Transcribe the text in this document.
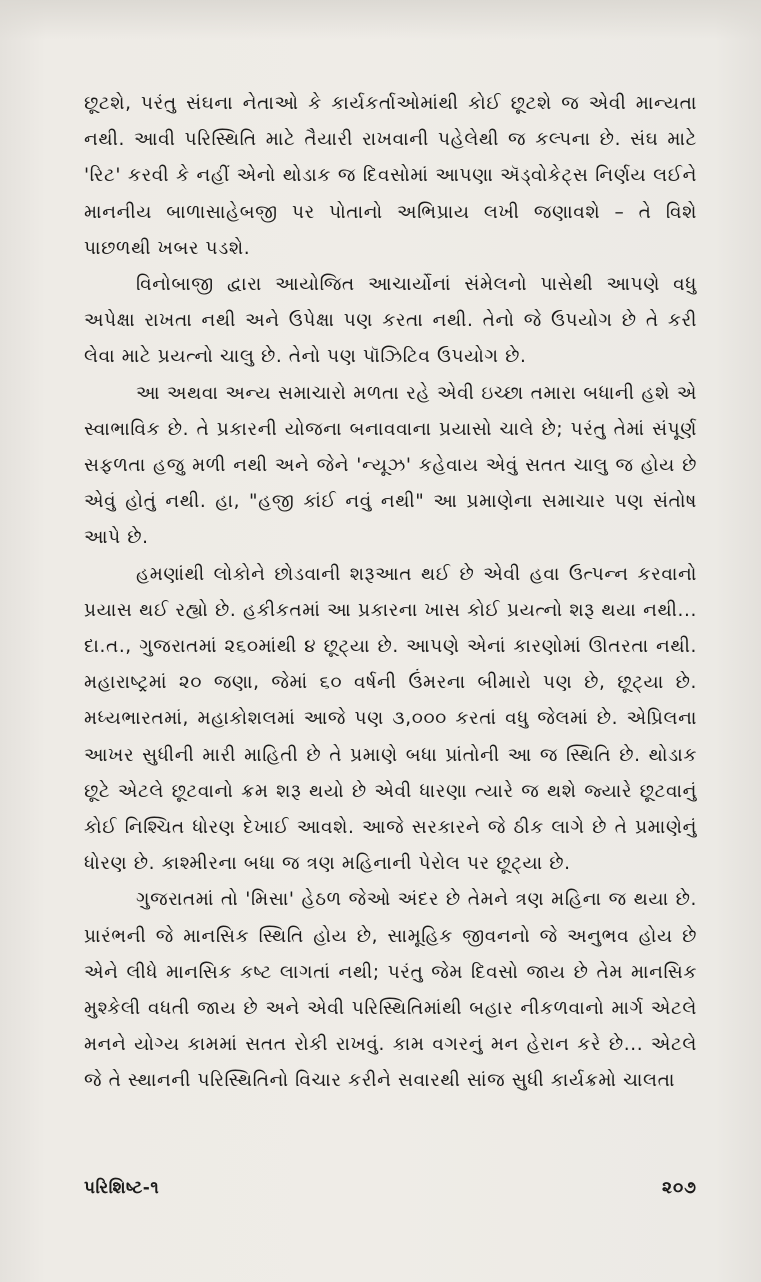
છૂટશે, પરંતુ સંઘના નેતાઓ કે કાર્યકર્તાઓમાંથી કોઈ છૂટશે જ એવી માન્યતા નથી. આવી પરિસ્થિતિ માટે તૈયારી રાખવાની પહેલેથી જ કલ્પના છે. સંઘ માટે 'રિટ' કરવી કે નહીં એનો થોડાક જ દિવસોમાં આપણા ઍડ્વોકેટ્સ નિર્ણય લઈને માનનીય બાળાસાહેબજી પર પોતાનો અભિપ્રાય લખી જણાવશે – તે વિશે પાછળથી ખબર પડશે.

વિનોબાજી દ્વારા આયોજિત આચાર્યોનાં સંમેલનો પાસેથી આપણે વધુ અપેક્ષા રાખતા નથી અને ઉપેક્ષા પણ કરતા નથી. તેનો જે ઉપયોગ છે તે કરી લેવા માટે પ્રયત્નો ચાલુ છે. તેનો પણ પૉઝિટિવ ઉપયોગ છે.

આ અથવા અન્ય સમાચારો મળતા રહે એવી ઇચ્છા તમારા બધાની હશે એ સ્વાભાવિક છે. તે પ્રકારની યોજના બનાવવાના પ્રયાસો ચાલે છે; પરંતુ તેમાં સંપૂર્ણ સફળતા હજુ મળી નથી અને જેને 'ન્યૂઝ' કહેવાય એવું સતત ચાલુ જ હોય છે એવું હોતું નથી. હા, "હજી કાંઈ નવું નથી" આ પ્રમાણેના સમાચાર પણ સંતોષ આપે છે.

હમણાંથી લોકોને છોડવાની શરૂઆત થઈ છે એવી હવા ઉત્પન્ન કરવાનો પ્રયાસ થઈ રહ્યો છે. હકીકતમાં આ પ્રકારના ખાસ કોઈ પ્રયત્નો શરૂ થયા નથી... દા.ત., ગુજરાતમાં ૨૬૦માંથી ૪ છૂટ્યા છે. આપણે એનાં કારણોમાં ઊતરતા નથી. મહારાષ્ટ્રમાં ૨૦ જણા, જેમાં ૬૦ વર્ષની ઉંમરના બીમારો પણ છે, છૂટ્યા છે. મધ્યભારતમાં, મહાકોશલમાં આજે પણ ૩,૦૦૦ કરતાં વધુ જેલમાં છે. એપ્રિલના આખર સુધીની મારી માહિતી છે તે પ્રમાણે બધા પ્રાંતોની આ જ સ્થિતિ છે. થોડાક છૂટે એટલે છૂટવાનો ક્રમ શરૂ થયો છે એવી ધારણા ત્યારે જ થશે જ્યારે છૂટવાનું કોઈ નિશ્ચિત ધોરણ દેખાઈ આવશે. આજે સરકારને જે ઠીક લાગે છે તે પ્રમાણેનું ધોરણ છે. કાશ્મીરના બધા જ ત્રણ મહિનાની પેરોલ પર છૂટ્યા છે.

ગુજરાતમાં તો 'મિસા' હેઠળ જેઓ અંદર છે તેમને ત્રણ મહિના જ થયા છે. પ્રારંભની જે માનસિક સ્થિતિ હોય છે, સામૂહિક જીવનનો જે અનુભવ હોય છે એને લીધે માનસિક કષ્ટ લાગતાં નથી; પરંતુ જેમ દિવસો જાય છે તેમ માનસિક મુશ્કેલી વધતી જાય છે અને એવી પરિસ્થિતિમાંથી બહાર નીકળવાનો માર્ગ એટલે મનને યોગ્ય કામમાં સતત રોકી રાખવું. કામ વગરનું મન હેરાન કરે છે... એટલે જે તે સ્થાનની પરિસ્થિતિનો વિચાર કરીને સવારથી સાંજ સુધી કાર્યક્રમો ચાલતા

પરિશિષ્ટ-૧	૨૦૭
